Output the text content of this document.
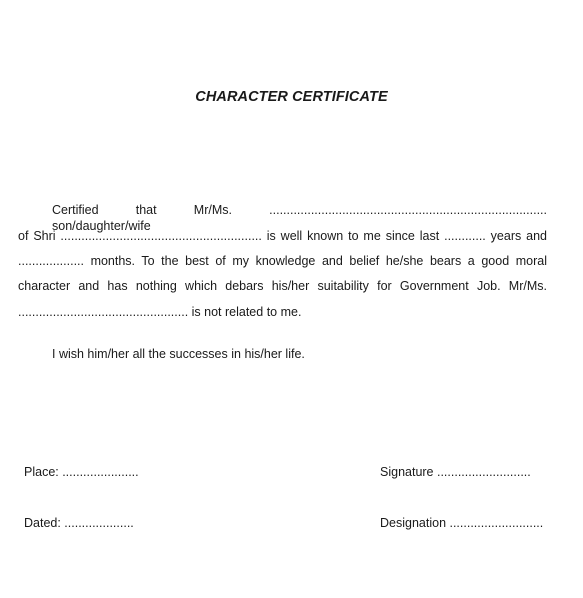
CHARACTER CERTIFICATE
Certified that Mr/Ms. ................................................................................ son/daughter/wife
of Shri .......................................................... is well known to me since last ............ years and
................... months. To the best of my knowledge and belief he/she bears a good moral
character and has nothing which debars his/her suitability for Government Job. Mr/Ms.
................................................. is not related to me.
I wish him/her all the successes in his/her life.
Place: ......................	Signature ...........................
Dated: ....................	Designation ...........................
